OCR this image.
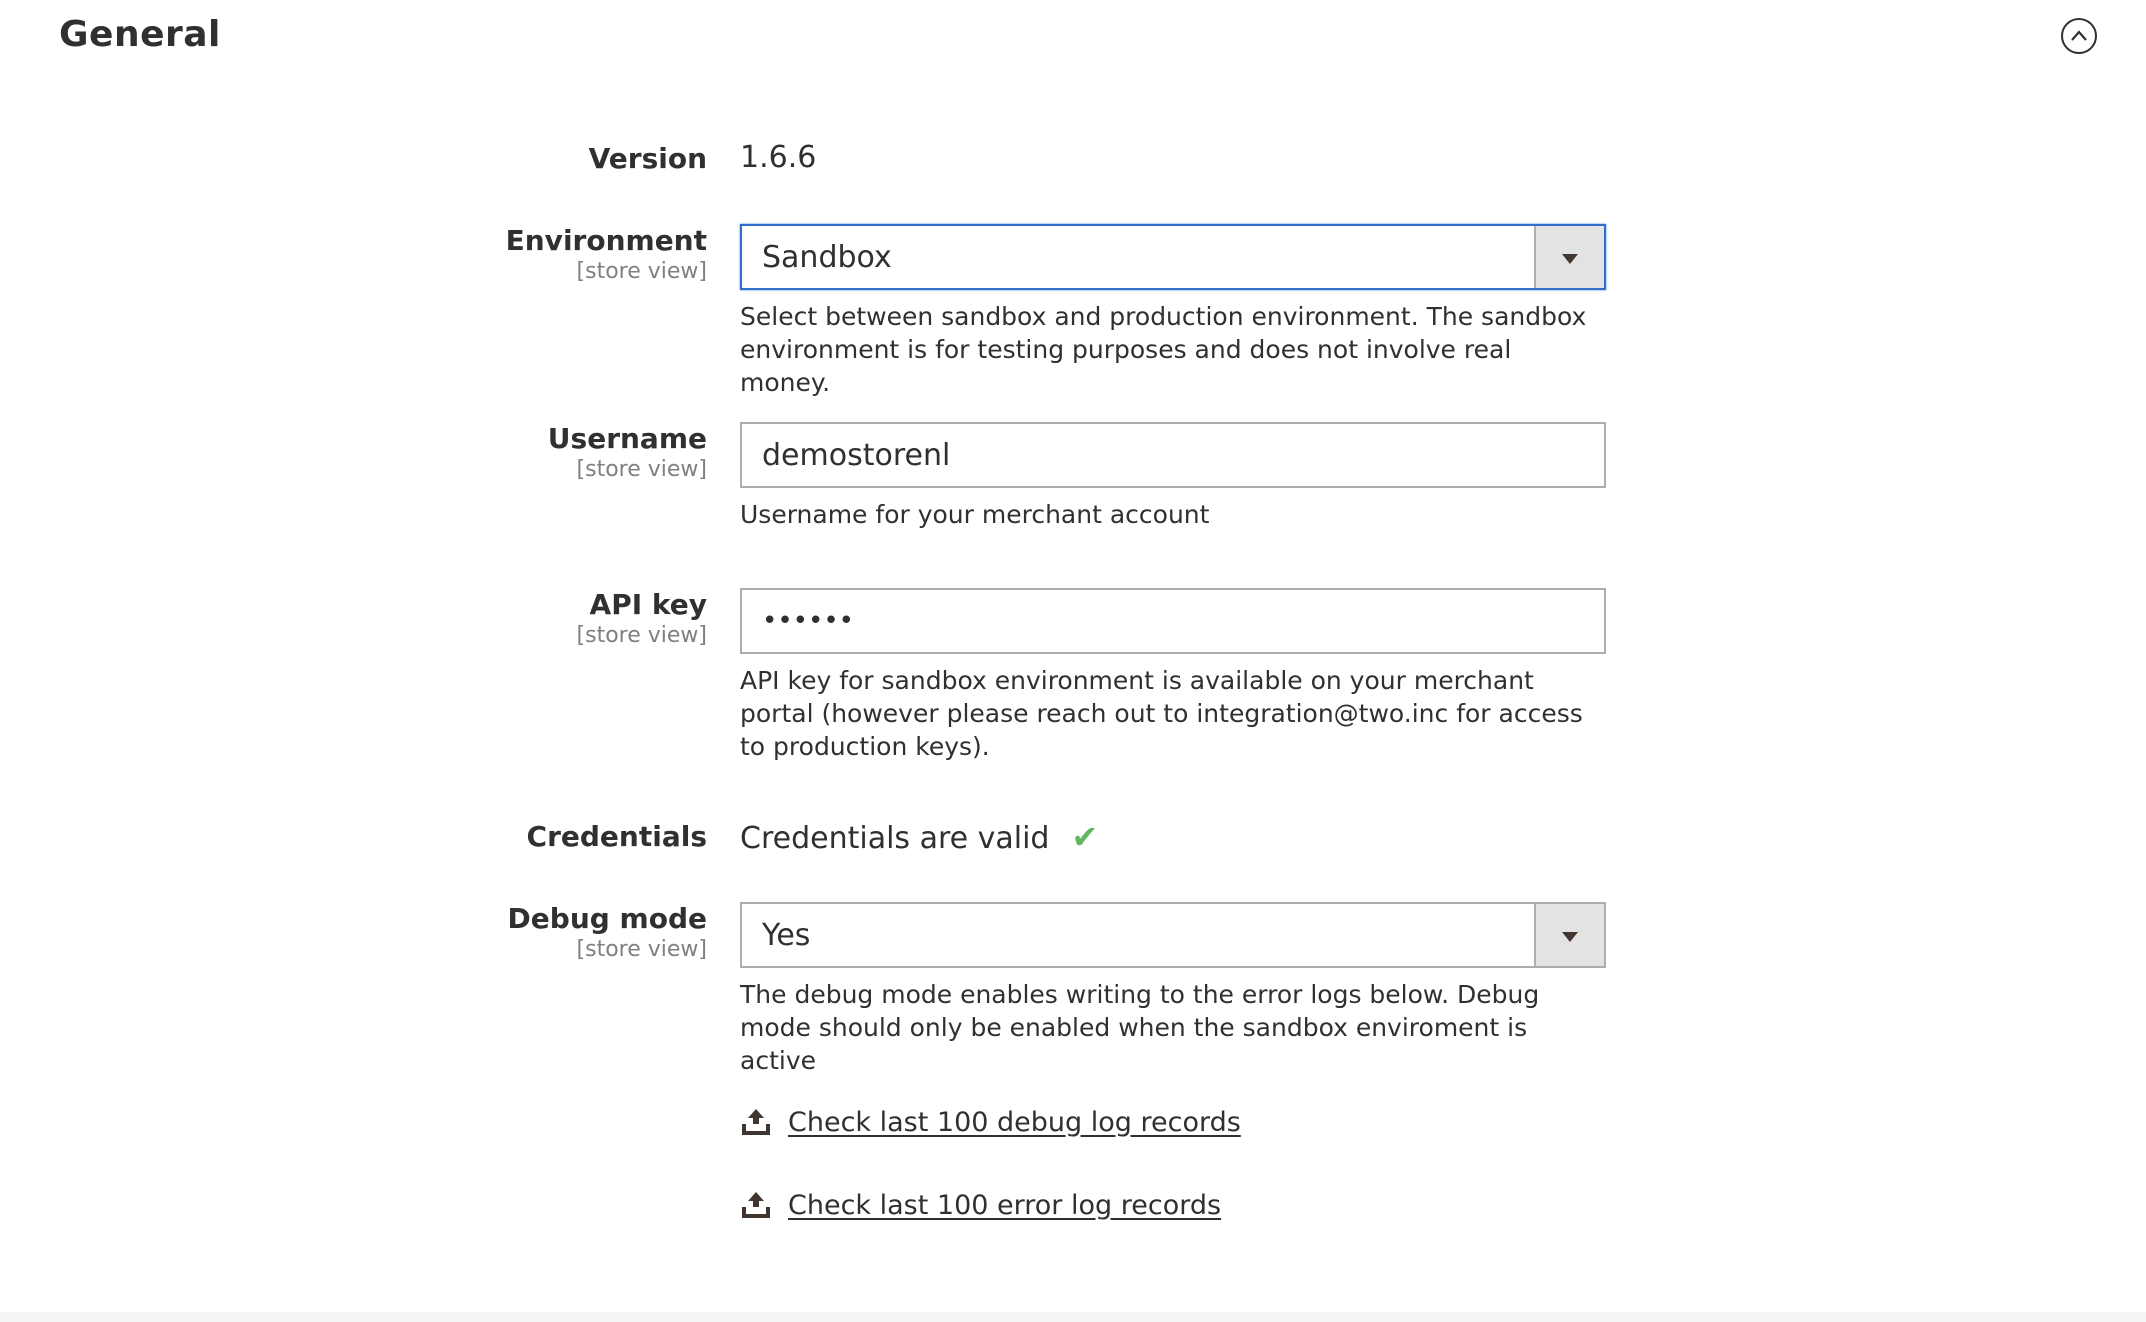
General
Version 1.6.6
Environment
[store view] Sandbox
Select between sandbox and production environment. The sandbox environment is for testing purposes and does not involve real money.
Username
[store view] demostorenl
Username for your merchant account
API key
[store view] ••••••
API key for sandbox environment is available on your merchant portal (however please reach out to integration@two.inc for access to production keys).
Credentials Credentials are valid ✔
Debug mode
[store view] Yes
The debug mode enables writing to the error logs below. Debug mode should only be enabled when the sandbox enviroment is active
Check last 100 debug log records
Check last 100 error log records
